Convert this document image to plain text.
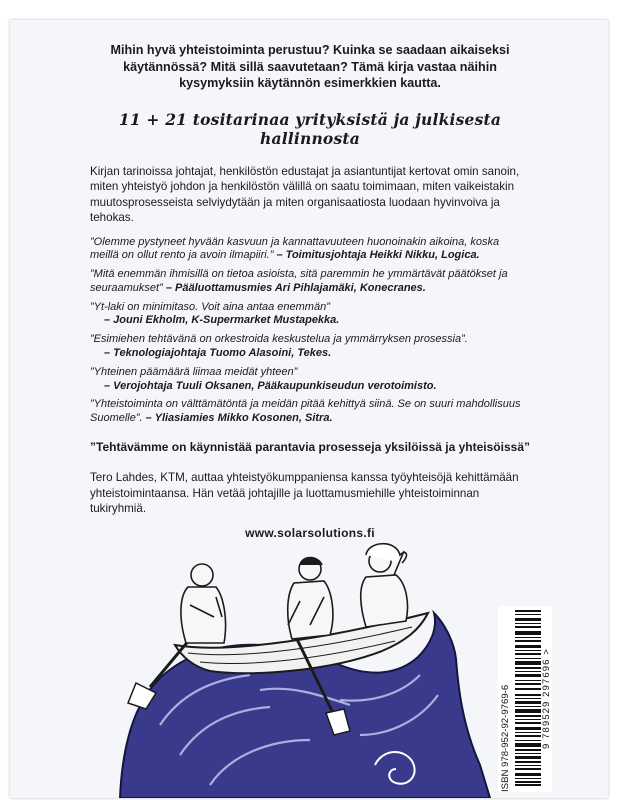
Mihin hyvä yhteistoiminta perustuu? Kuinka se saadaan aikaiseksi käytännössä? Mitä sillä saavutetaan? Tämä kirja vastaa näihin kysymyksiin käytännön esimerkkien kautta.

11 + 21 tositarinaa yrityksistä ja julkisesta hallinnosta

Kirjan tarinoissa johtajat, henkilöstön edustajat ja asiantuntijat kertovat omin sanoin, miten yhteistyö johdon ja henkilöstön välillä on saatu toimimaan, miten vaikeistakin muutosprosesseista selviydytään ja miten organisaatiosta luodaan hyvinvoiva ja tehokas.

”Olemme pystyneet hyvään kasvuun ja kannattavuuteen huonoinakin aikoina, koska meillä on ollut rento ja avoin ilmapiiri.” – Toimitusjohtaja Heikki Nikku, Logica.
”Mitä enemmän ihmisillä on tietoa asioista, sitä paremmin he ymmärtävät päätökset ja seuraamukset” – Pääluottamusmies Ari Pihlajamäki, Konecranes.
”Yt-laki on minimitaso. Voit aina antaa enemmän”
– Jouni Ekholm, K-Supermarket Mustapekka.
”Esimiehen tehtävänä on orkestroida keskustelua ja ymmärryksen prosessia”.
– Teknologiajohtaja Tuomo Alasoini, Tekes.
”Yhteinen päämäärä liimaa meidät yhteen”
– Verojohtaja Tuuli Oksanen, Pääkaupunkiseudun verotoimisto.
”Yhteistoiminta on välttämätöntä ja meidän pitää kehittyä siinä. Se on suuri mahdollisuus Suomelle”. – Yliasiamies Mikko Kosonen, Sitra.

”Tehtävämme on käynnistää parantavia prosesseja yksilöissä ja yhteisöissä”

Tero Lahdes, KTM, auttaa yhteistyökumppaniensa kanssa työyhteisöjä kehittämään yhteistoimintaansa. Hän vetää johtajille ja luottamusmiehille yhteistoiminnan tukiryhmiä.

www.solarsolutions.fi

ISBN 978-952-92-9769-6	9 789529 297696 >
